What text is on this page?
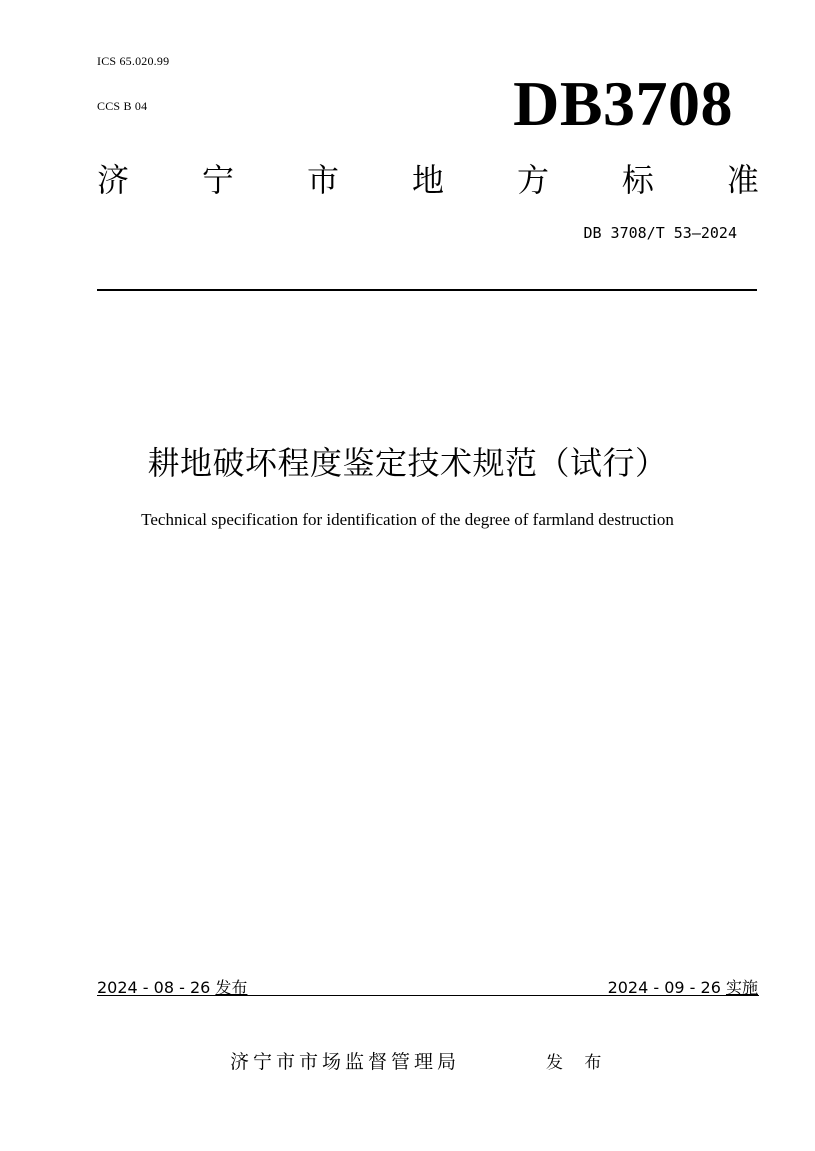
ICS 65.020.99
CCS B 04	DB3708
济 宁 市 地 方 标 准
DB 3708/T 53—2024
耕地破坏程度鉴定技术规范（试行）
Technical specification for identification of the degree of farmland destruction
2024 - 08 - 26 发布	2024 - 09 - 26 实施
济宁市市场监督管理局	发 布
